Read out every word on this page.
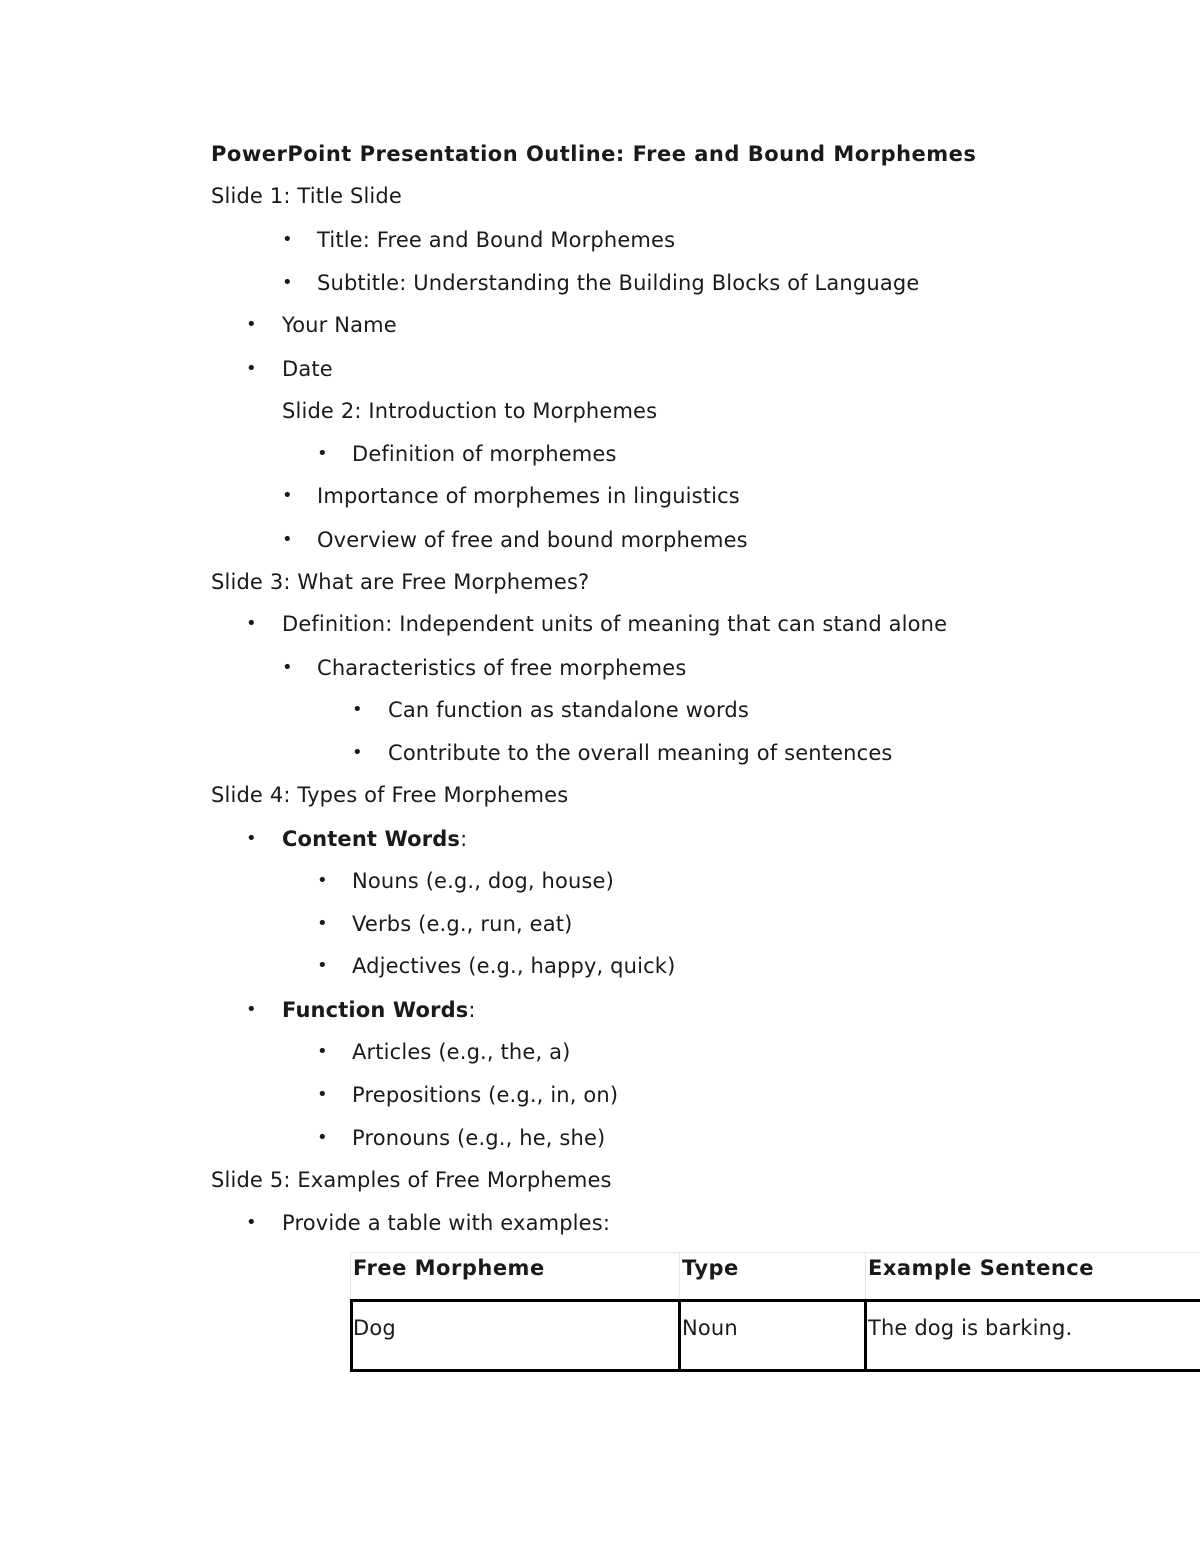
PowerPoint Presentation Outline: Free and Bound Morphemes
Slide 1: Title Slide
• Title: Free and Bound Morphemes
• Subtitle: Understanding the Building Blocks of Language
• Your Name
• Date
Slide 2: Introduction to Morphemes
• Definition of morphemes
• Importance of morphemes in linguistics
• Overview of free and bound morphemes
Slide 3: What are Free Morphemes?
• Definition: Independent units of meaning that can stand alone
• Characteristics of free morphemes
• Can function as standalone words
• Contribute to the overall meaning of sentences
Slide 4: Types of Free Morphemes
• Content Words:
• Nouns (e.g., dog, house)
• Verbs (e.g., run, eat)
• Adjectives (e.g., happy, quick)
• Function Words:
• Articles (e.g., the, a)
• Prepositions (e.g., in, on)
• Pronouns (e.g., he, she)
Slide 5: Examples of Free Morphemes
• Provide a table with examples:
Free Morpheme	Type	Example Sentence
Dog	Noun	The dog is barking.
